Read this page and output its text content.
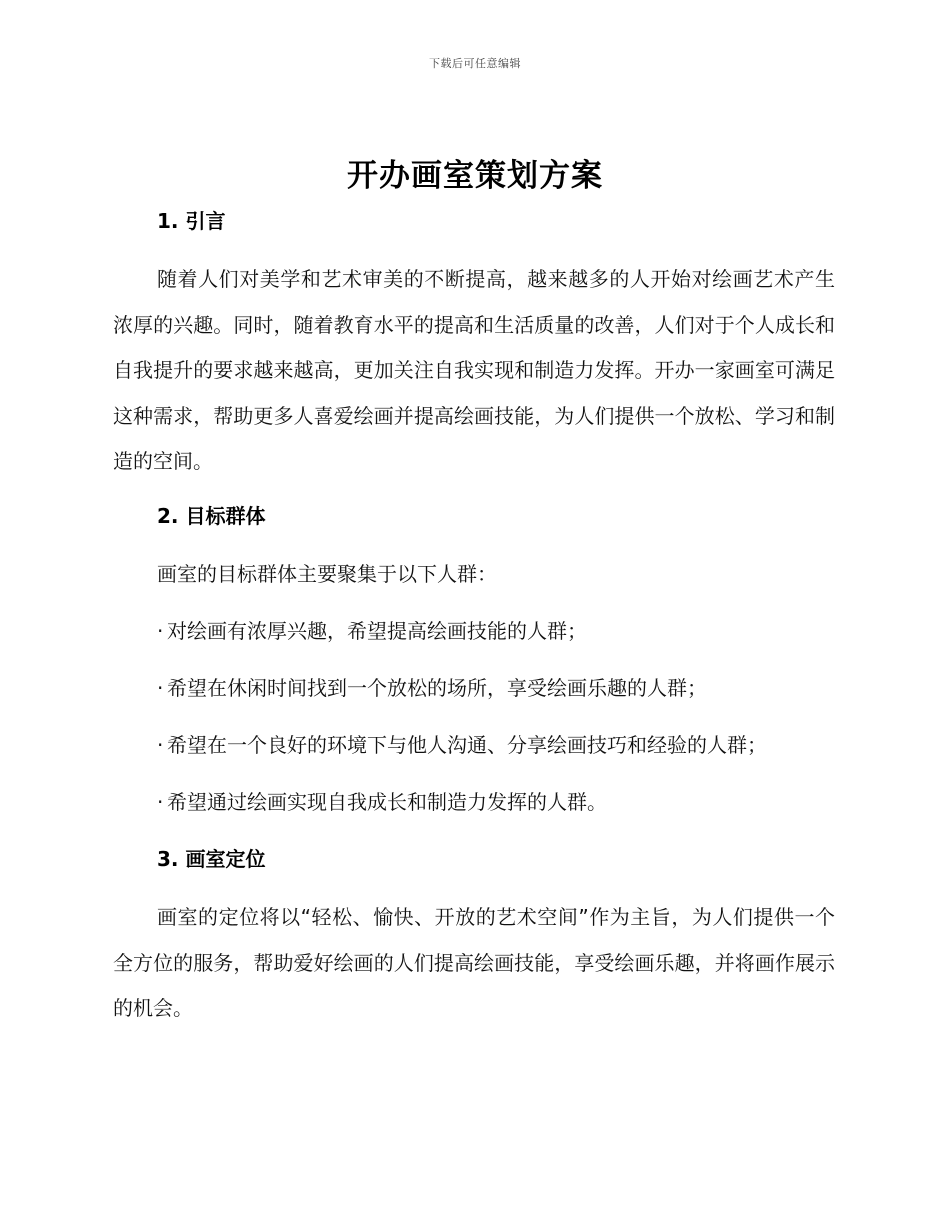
下载后可任意编辑
开办画室策划方案
1. 引言

随着人们对美学和艺术审美的不断提高，越来越多的人开始对绘画艺术产生浓厚的兴趣。同时，随着教育水平的提高和生活质量的改善，人们对于个人成长和自我提升的要求越来越高，更加关注自我实现和制造力发挥。开办一家画室可满足这种需求，帮助更多人喜爱绘画并提高绘画技能，为人们提供一个放松、学习和制造的空间。

2. 目标群体

画室的目标群体主要聚集于以下人群：

· 对绘画有浓厚兴趣，希望提高绘画技能的人群；

· 希望在休闲时间找到一个放松的场所，享受绘画乐趣的人群；

· 希望在一个良好的环境下与他人沟通、分享绘画技巧和经验的人群；

· 希望通过绘画实现自我成长和制造力发挥的人群。

3. 画室定位

画室的定位将以“轻松、愉快、开放的艺术空间”作为主旨，为人们提供一个全方位的服务，帮助爱好绘画的人们提高绘画技能，享受绘画乐趣，并将画作展示的机会。
